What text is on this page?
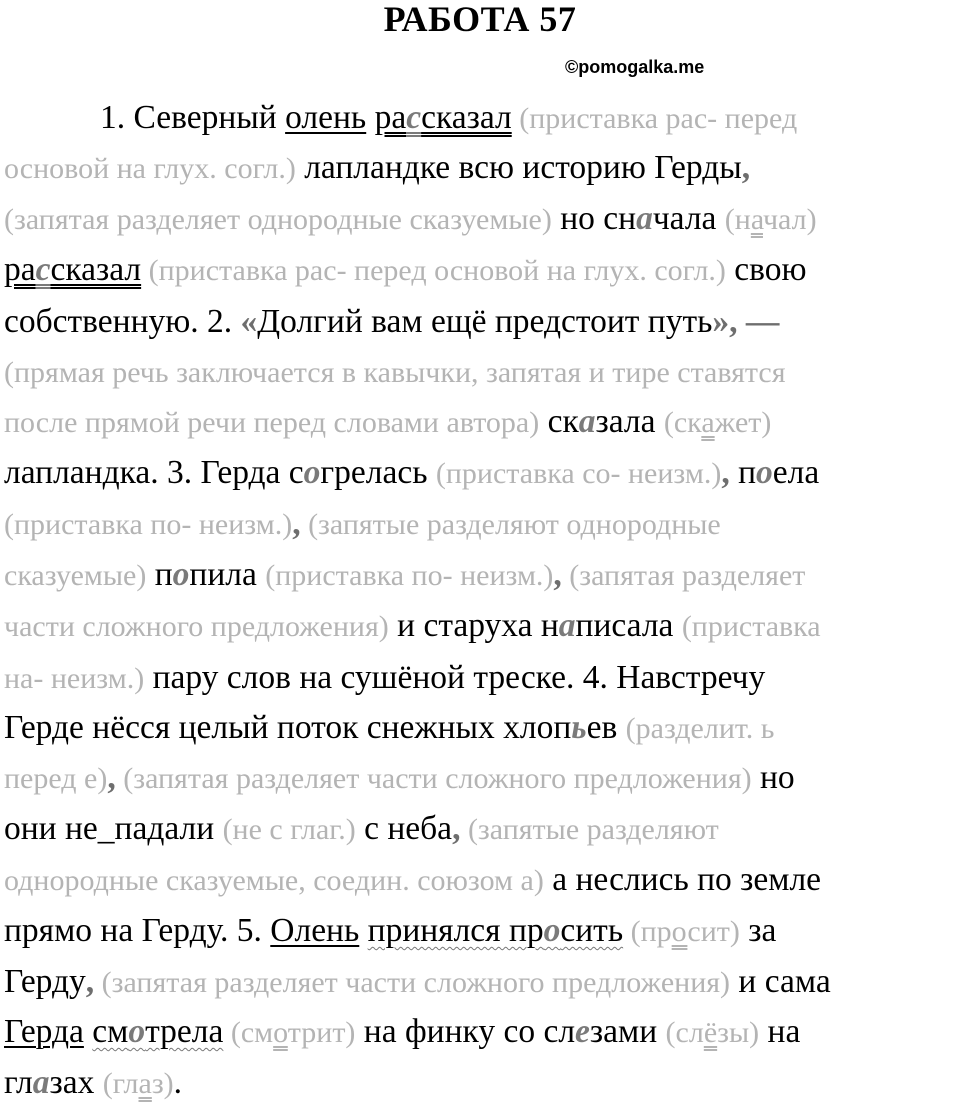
РАБОТА 57
©pomogalka.me
1. Северный олень рассказал (приставка рас- перед
основой на глух. согл.) лапландке всю историю Герды,
(запятая разделяет однородные сказуемые) но сначала (начал)
рассказал (приставка рас- перед основой на глух. согл.) свою
собственную. 2. «Долгий вам ещё предстоит путь», —
(прямая речь заключается в кавычки, запятая и тире ставятся
после прямой речи перед словами автора) сказала (скажет)
лапландка. 3. Герда согрелась (приставка со- неизм.), поела
(приставка по- неизм.), (запятые разделяют однородные
сказуемые) попила (приставка по- неизм.), (запятая разделяет
части сложного предложения) и старуха написала (приставка
на- неизм.) пару слов на сушёной треске. 4. Навстречу
Герде нёсся целый поток снежных хлопьев (разделит. ь
перед е), (запятая разделяет части сложного предложения) но
они не_падали (не с глаг.) с неба, (запятые разделяют
однородные сказуемые, соедин. союзом а) а неслись по земле
прямо на Герду. 5. Олень принялся просить (просит) за
Герду, (запятая разделяет части сложного предложения) и сама
Герда смотрела (смотрит) на финку со слезами (слёзы) на
глазах (глаз).
